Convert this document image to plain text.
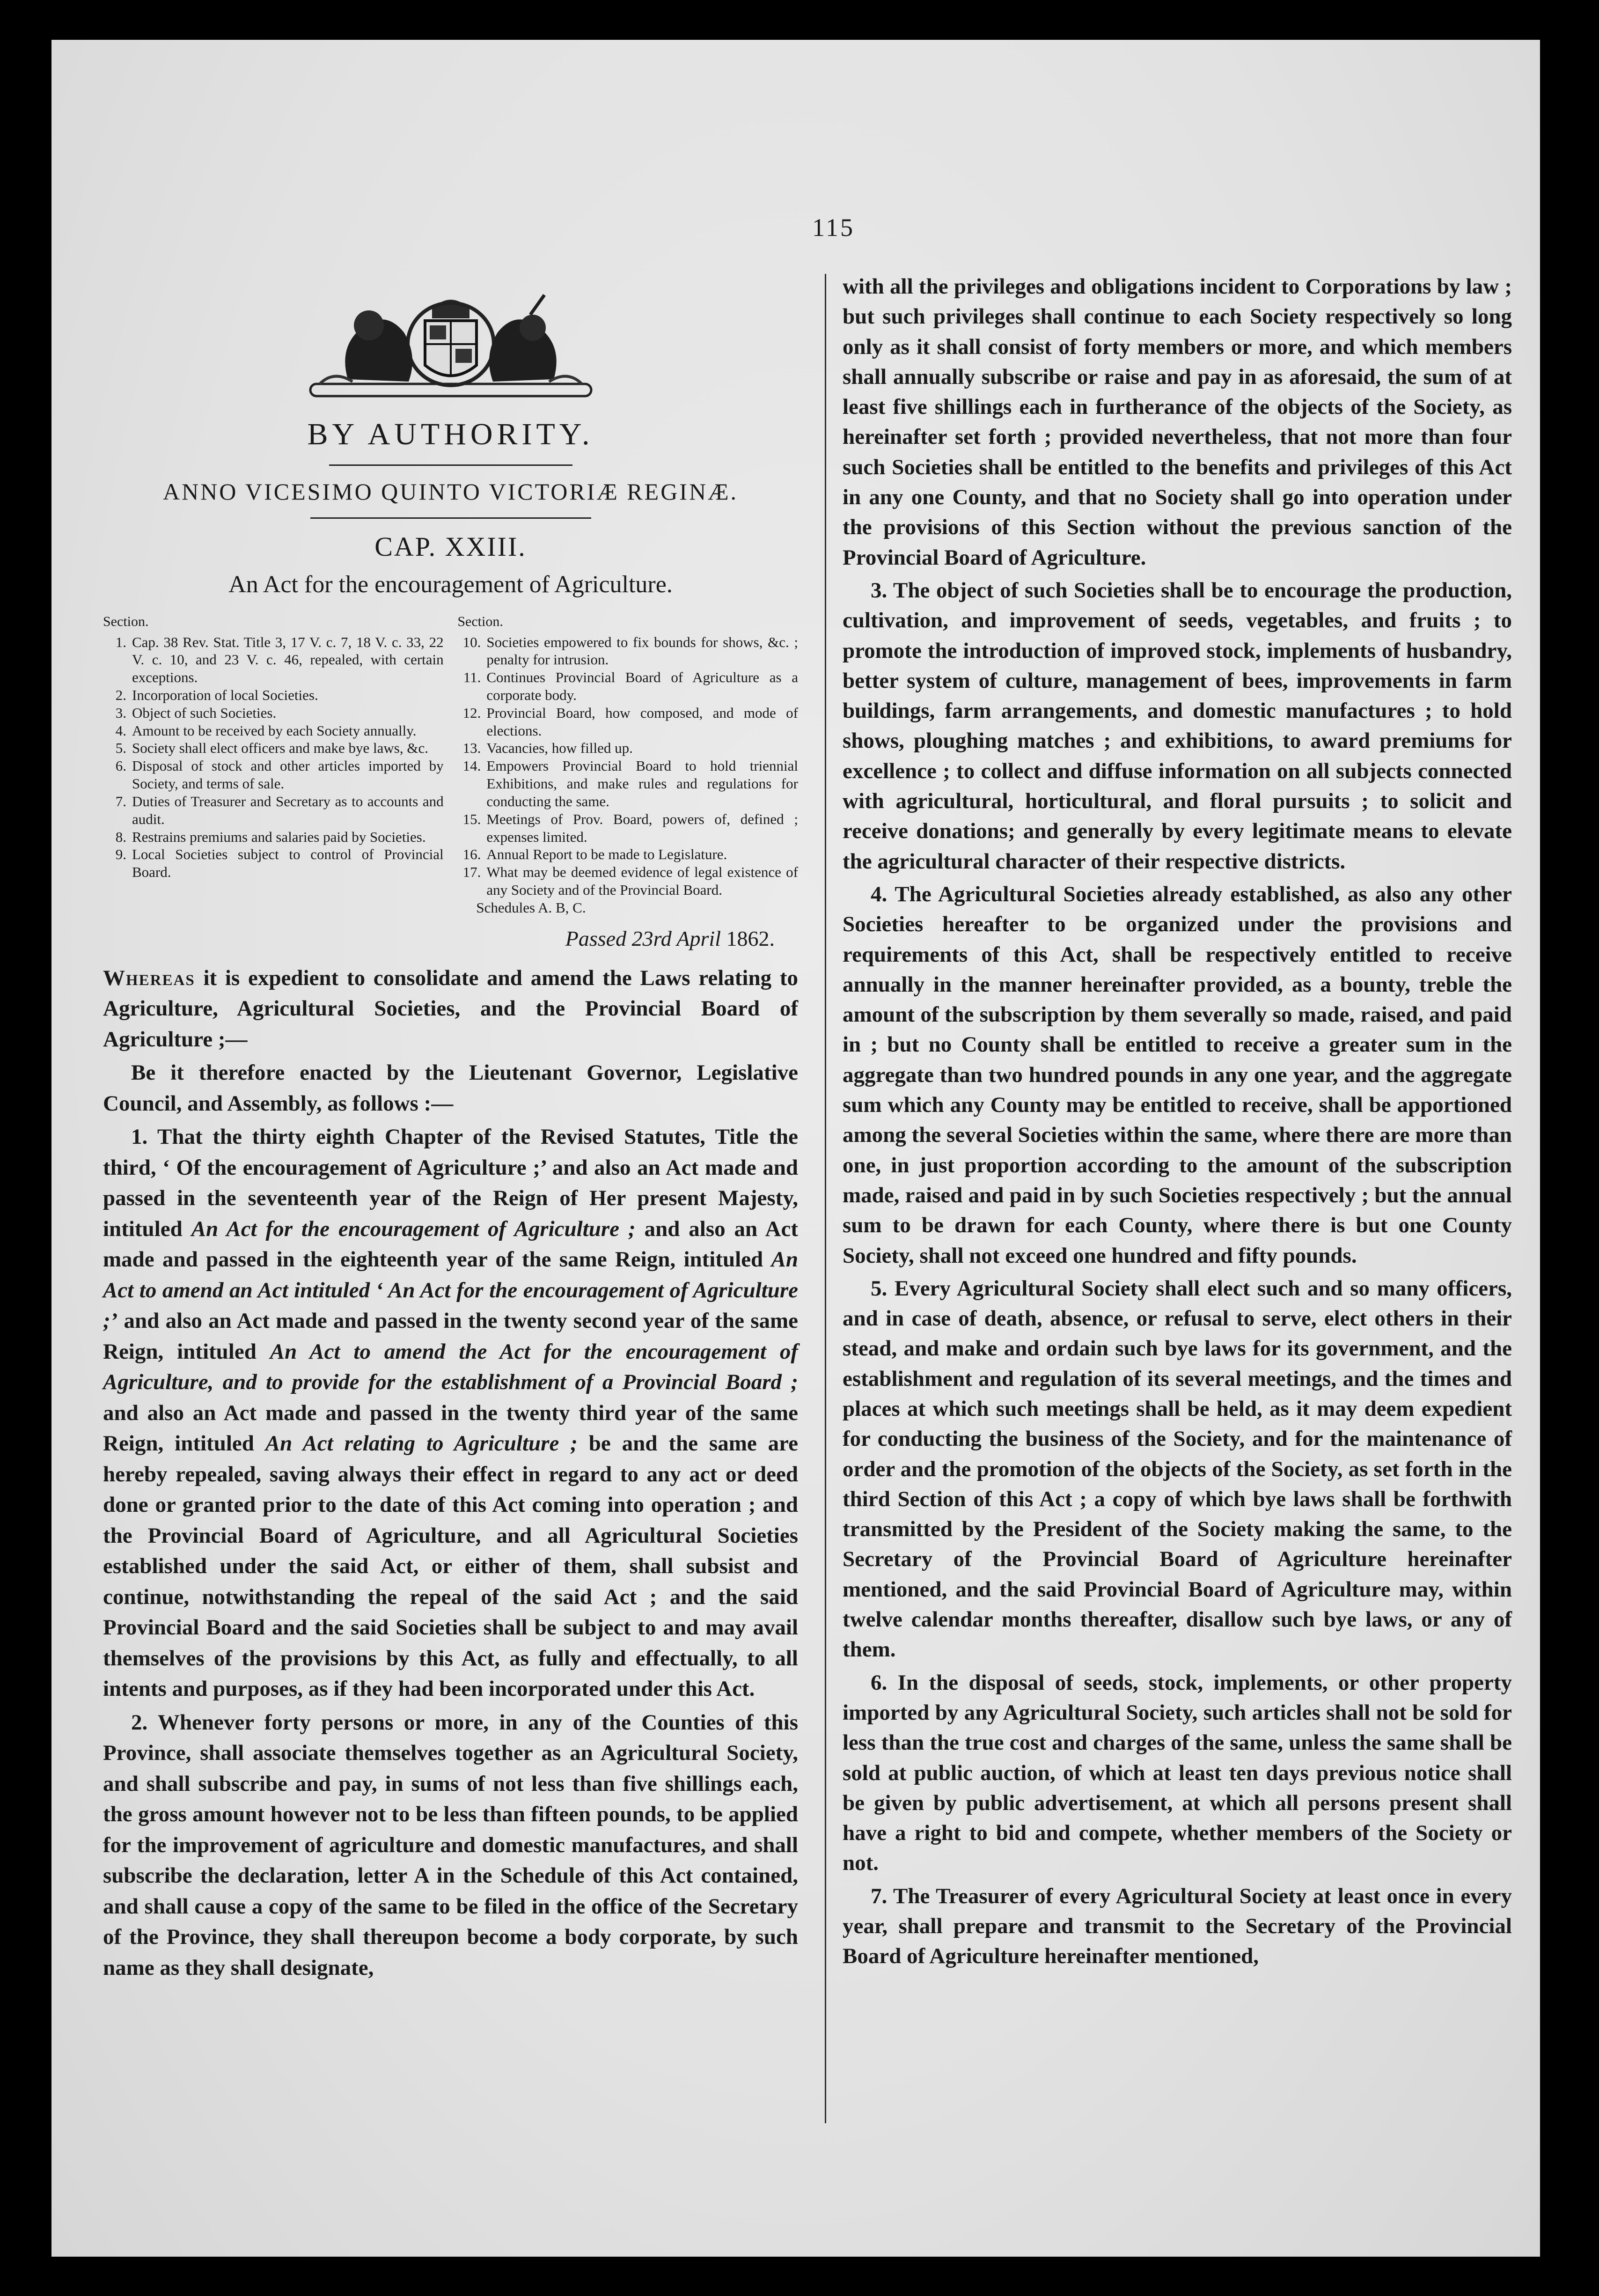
115
BY AUTHORITY.
ANNO VICESIMO QUINTO VICTORIÆ REGINÆ.
CAP. XXIII.
An Act for the encouragement of Agriculture.
Section.
1. Cap. 38 Rev. Stat. Title 3, 17 V. c. 7, 18 V. c. 33, 22 V. c. 10, and 23 V. c. 46, repealed, with certain exceptions.
2. Incorporation of local Societies.
3. Object of such Societies.
4. Amount to be received by each Society annually.
5. Society shall elect officers and make bye laws, &c.
6. Disposal of stock and other articles imported by Society, and terms of sale.
7. Duties of Treasurer and Secretary as to accounts and audit.
8. Restrains premiums and salaries paid by Societies.
9. Local Societies subject to control of Provincial Board.
Section.
10. Societies empowered to fix bounds for shows, &c. ; penalty for intrusion.
11. Continues Provincial Board of Agriculture as a corporate body.
12. Provincial Board, how composed, and mode of elections.
13. Vacancies, how filled up.
14. Empowers Provincial Board to hold triennial Exhibitions, and make rules and regulations for conducting the same.
15. Meetings of Prov. Board, powers of, defined ; expenses limited.
16. Annual Report to be made to Legislature.
17. What may be deemed evidence of legal existence of any Society and of the Provincial Board.
Schedules A. B, C.
Passed 23rd April 1862.

Whereas it is expedient to consolidate and amend the Laws relating to Agriculture, Agricultural Societies, and the Provincial Board of Agriculture ;—

Be it therefore enacted by the Lieutenant Governor, Legislative Council, and Assembly, as follows :—

1. That the thirty eighth Chapter of the Revised Statutes, Title the third, ‘ Of the encouragement of Agriculture ;’ and also an Act made and passed in the seventeenth year of the Reign of Her present Majesty, intituled An Act for the encouragement of Agriculture ; and also an Act made and passed in the eighteenth year of the same Reign, intituled An Act to amend an Act intituled ‘ An Act for the encouragement of Agriculture ;’ and also an Act made and passed in the twenty second year of the same Reign, intituled An Act to amend the Act for the encouragement of Agriculture, and to provide for the establishment of a Provincial Board ; and also an Act made and passed in the twenty third year of the same Reign, intituled An Act relating to Agriculture ; be and the same are hereby repealed, saving always their effect in regard to any act or deed done or granted prior to the date of this Act coming into operation ; and the Provincial Board of Agriculture, and all Agricultural Societies established under the said Act, or either of them, shall subsist and continue, notwithstanding the repeal of the said Act ; and the said Provincial Board and the said Societies shall be subject to and may avail themselves of the provisions by this Act, as fully and effectually, to all intents and purposes, as if they had been incorporated under this Act.

2. Whenever forty persons or more, in any of the Counties of this Province, shall associate themselves together as an Agricultural Society, and shall subscribe and pay, in sums of not less than five shillings each, the gross amount however not to be less than fifteen pounds, to be applied for the improvement of agriculture and domestic manufactures, and shall subscribe the declaration, letter A in the Schedule of this Act contained, and shall cause a copy of the same to be filed in the office of the Secretary of the Province, they shall thereupon become a body corporate, by such name as they shall designate,

with all the privileges and obligations incident to Corporations by law ; but such privileges shall continue to each Society respectively so long only as it shall consist of forty members or more, and which members shall annually subscribe or raise and pay in as aforesaid, the sum of at least five shillings each in furtherance of the objects of the Society, as hereinafter set forth ; provided nevertheless, that not more than four such Societies shall be entitled to the benefits and privileges of this Act in any one County, and that no Society shall go into operation under the provisions of this Section without the previous sanction of the Provincial Board of Agriculture.

3. The object of such Societies shall be to encourage the production, cultivation, and improvement of seeds, vegetables, and fruits ; to promote the introduction of improved stock, implements of husbandry, better system of culture, management of bees, improvements in farm buildings, farm arrangements, and domestic manufactures ; to hold shows, ploughing matches ; and exhibitions, to award premiums for excellence ; to collect and diffuse information on all subjects connected with agricultural, horticultural, and floral pursuits ; to solicit and receive donations; and generally by every legitimate means to elevate the agricultural character of their respective districts.

4. The Agricultural Societies already established, as also any other Societies hereafter to be organized under the provisions and requirements of this Act, shall be respectively entitled to receive annually in the manner hereinafter provided, as a bounty, treble the amount of the subscription by them severally so made, raised, and paid in ; but no County shall be entitled to receive a greater sum in the aggregate than two hundred pounds in any one year, and the aggregate sum which any County may be entitled to receive, shall be apportioned among the several Societies within the same, where there are more than one, in just proportion according to the amount of the subscription made, raised and paid in by such Societies respectively ; but the annual sum to be drawn for each County, where there is but one County Society, shall not exceed one hundred and fifty pounds.

5. Every Agricultural Society shall elect such and so many officers, and in case of death, absence, or refusal to serve, elect others in their stead, and make and ordain such bye laws for its government, and the establishment and regulation of its several meetings, and the times and places at which such meetings shall be held, as it may deem expedient for conducting the business of the Society, and for the maintenance of order and the promotion of the objects of the Society, as set forth in the third Section of this Act ; a copy of which bye laws shall be forthwith transmitted by the President of the Society making the same, to the Secretary of the Provincial Board of Agriculture hereinafter mentioned, and the said Provincial Board of Agriculture may, within twelve calendar months thereafter, disallow such bye laws, or any of them.

6. In the disposal of seeds, stock, implements, or other property imported by any Agricultural Society, such articles shall not be sold for less than the true cost and charges of the same, unless the same shall be sold at public auction, of which at least ten days previous notice shall be given by public advertisement, at which all persons present shall have a right to bid and compete, whether members of the Society or not.

7. The Treasurer of every Agricultural Society at least once in every year, shall prepare and transmit to the Secretary of the Provincial Board of Agriculture hereinafter mentioned,
